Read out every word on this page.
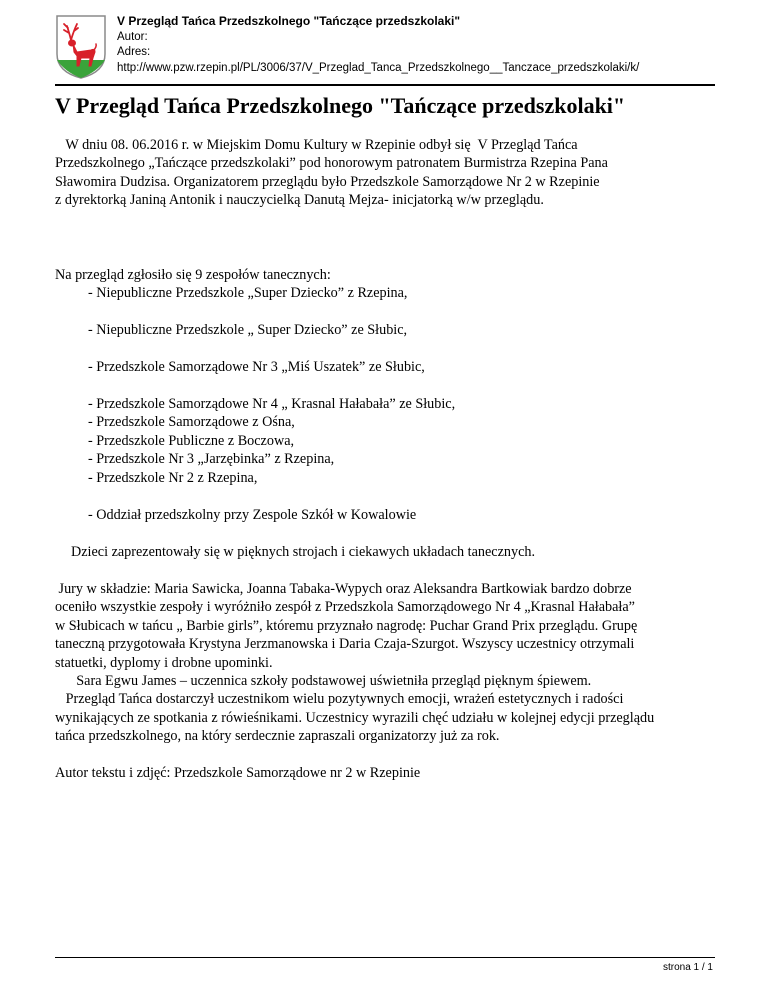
V Przegląd Tańca Przedszkolnego "Tańczące przedszkolaki"
Autor:
Adres:
http://www.pzw.rzepin.pl/PL/3006/37/V_Przeglad_Tanca_Przedszkolnego__Tanczace_przedszkolaki/k/
V Przegląd Tańca Przedszkolnego "Tańczące przedszkolaki"
W dniu 08. 06.2016 r. w Miejskim Domu Kultury w Rzepinie odbył się  V Przegląd Tańca
Przedszkolnego „Tańczące przedszkolaki” pod honorowym patronatem Burmistrza Rzepina Pana
Sławomira Dudzisa. Organizatorem przeglądu było Przedszkole Samorządowe Nr 2 w Rzepinie
z dyrektorką Janiną Antonik i nauczycielką Danutą Mejza- inicjatorką w/w przeglądu.
Na przegląd zgłosiło się 9 zespołów tanecznych:
- Niepubliczne Przedszkole „Super Dziecko” z Rzepina,
- Niepubliczne Przedszkole „ Super Dziecko” ze Słubic,
- Przedszkole Samorządowe Nr 3 „Miś Uszatek” ze Słubic,
- Przedszkole Samorządowe Nr 4 „ Krasnal Hałabała” ze Słubic,
- Przedszkole Samorządowe z Ośna,
- Przedszkole Publiczne z Boczowa,
- Przedszkole Nr 3 „Jarzębinka” z Rzepina,
- Przedszkole Nr 2 z Rzepina,
- Oddział przedszkolny przy Zespole Szkół w Kowalowie
Dzieci zaprezentowały się w pięknych strojach i ciekawych układach tanecznych.
Jury w składzie: Maria Sawicka, Joanna Tabaka-Wypych oraz Aleksandra Bartkowiak bardzo dobrze
oceniło wszystkie zespoły i wyróżniło zespół z Przedszkola Samorządowego Nr 4 „Krasnal Hałabała”
w Słubicach w tańcu „ Barbie girls”, któremu przyznało nagrodę: Puchar Grand Prix przeglądu. Grupę
taneczną przygotowała Krystyna Jerzmanowska i Daria Czaja-Szurgot. Wszyscy uczestnicy otrzymali
statuetki, dyplomy i drobne upominki.
Sara Egwu James – uczennica szkoły podstawowej uświetniła przegląd pięknym śpiewem.
Przegląd Tańca dostarczył uczestnikom wielu pozytywnych emocji, wrażeń estetycznych i radości
wynikających ze spotkania z rówieśnikami. Uczestnicy wyrazili chęć udziału w kolejnej edycji przeglądu
tańca przedszkolnego, na który serdecznie zapraszali organizatorzy już za rok.
Autor tekstu i zdjęć: Przedszkole Samorządowe nr 2 w Rzepinie
strona 1 / 1
